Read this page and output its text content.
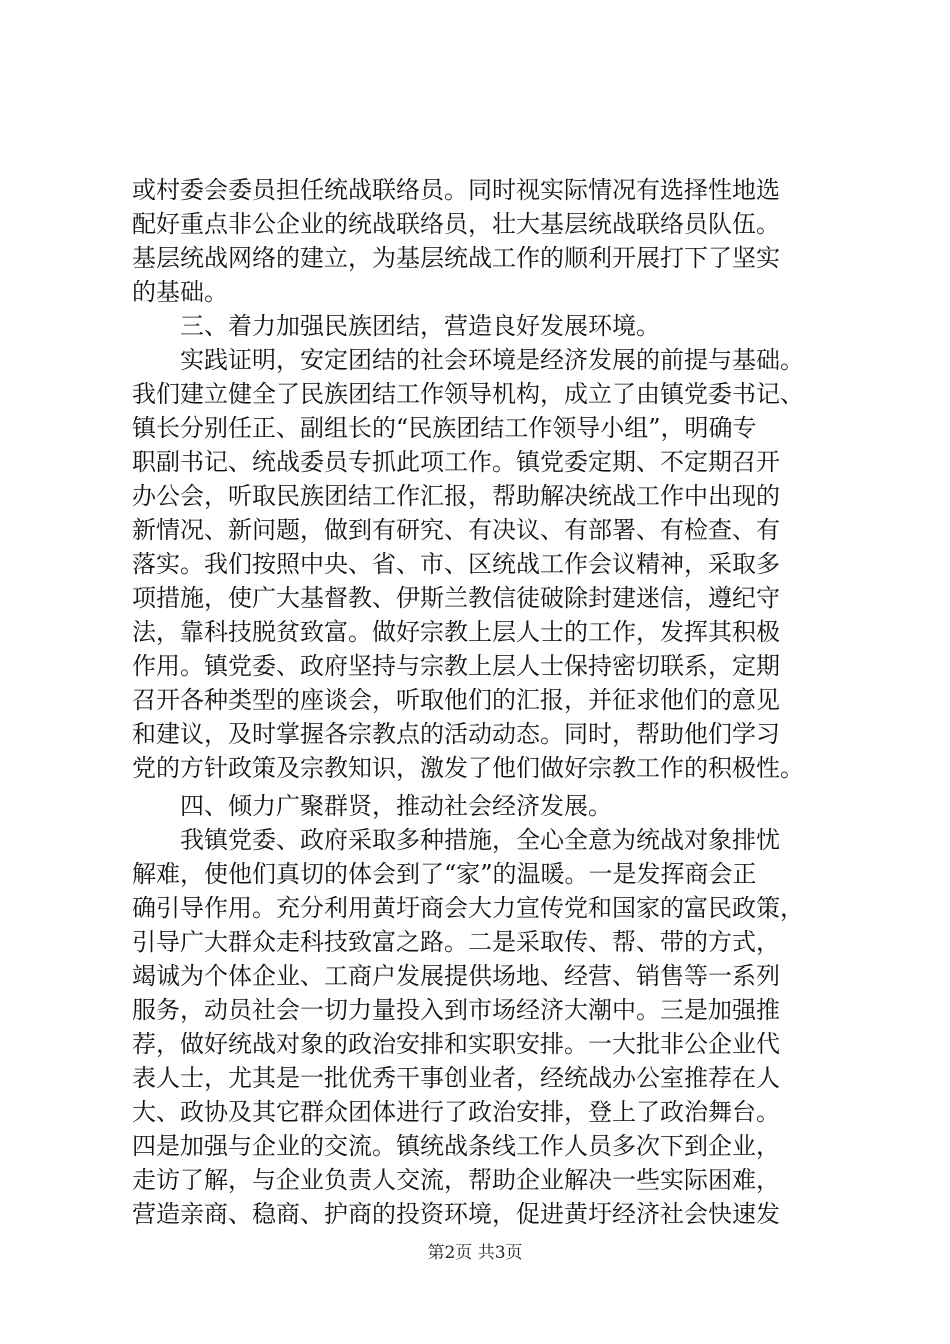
或村委会委员担任统战联络员。同时视实际情况有选择性地选
配好重点非公企业的统战联络员，壮大基层统战联络员队伍。
基层统战网络的建立，为基层统战工作的顺利开展打下了坚实
的基础。
　　三、着力加强民族团结，营造良好发展环境。
　　实践证明，安定团结的社会环境是经济发展的前提与基础。
我们建立健全了民族团结工作领导机构，成立了由镇党委书记、
镇长分别任正、副组长的“民族团结工作领导小组”，明确专
职副书记、统战委员专抓此项工作。镇党委定期、不定期召开
办公会，听取民族团结工作汇报，帮助解决统战工作中出现的
新情况、新问题，做到有研究、有决议、有部署、有检查、有
落实。我们按照中央、省、市、区统战工作会议精神，采取多
项措施，使广大基督教、伊斯兰教信徒破除封建迷信，遵纪守
法，靠科技脱贫致富。做好宗教上层人士的工作，发挥其积极
作用。镇党委、政府坚持与宗教上层人士保持密切联系，定期
召开各种类型的座谈会，听取他们的汇报，并征求他们的意见
和建议，及时掌握各宗教点的活动动态。同时，帮助他们学习
党的方针政策及宗教知识，激发了他们做好宗教工作的积极性。
　　四、倾力广聚群贤，推动社会经济发展。
　　我镇党委、政府采取多种措施，全心全意为统战对象排忧
解难，使他们真切的体会到了“家”的温暖。一是发挥商会正
确引导作用。充分利用黄圩商会大力宣传党和国家的富民政策，
引导广大群众走科技致富之路。二是采取传、帮、带的方式，
竭诚为个体企业、工商户发展提供场地、经营、销售等一系列
服务，动员社会一切力量投入到市场经济大潮中。三是加强推
荐，做好统战对象的政治安排和实职安排。一大批非公企业代
表人士，尤其是一批优秀干事创业者，经统战办公室推荐在人
大、政协及其它群众团体进行了政治安排，登上了政治舞台。
四是加强与企业的交流。镇统战条线工作人员多次下到企业，
走访了解，与企业负责人交流，帮助企业解决一些实际困难，
营造亲商、稳商、护商的投资环境，促进黄圩经济社会快速发
第2页 共3页
